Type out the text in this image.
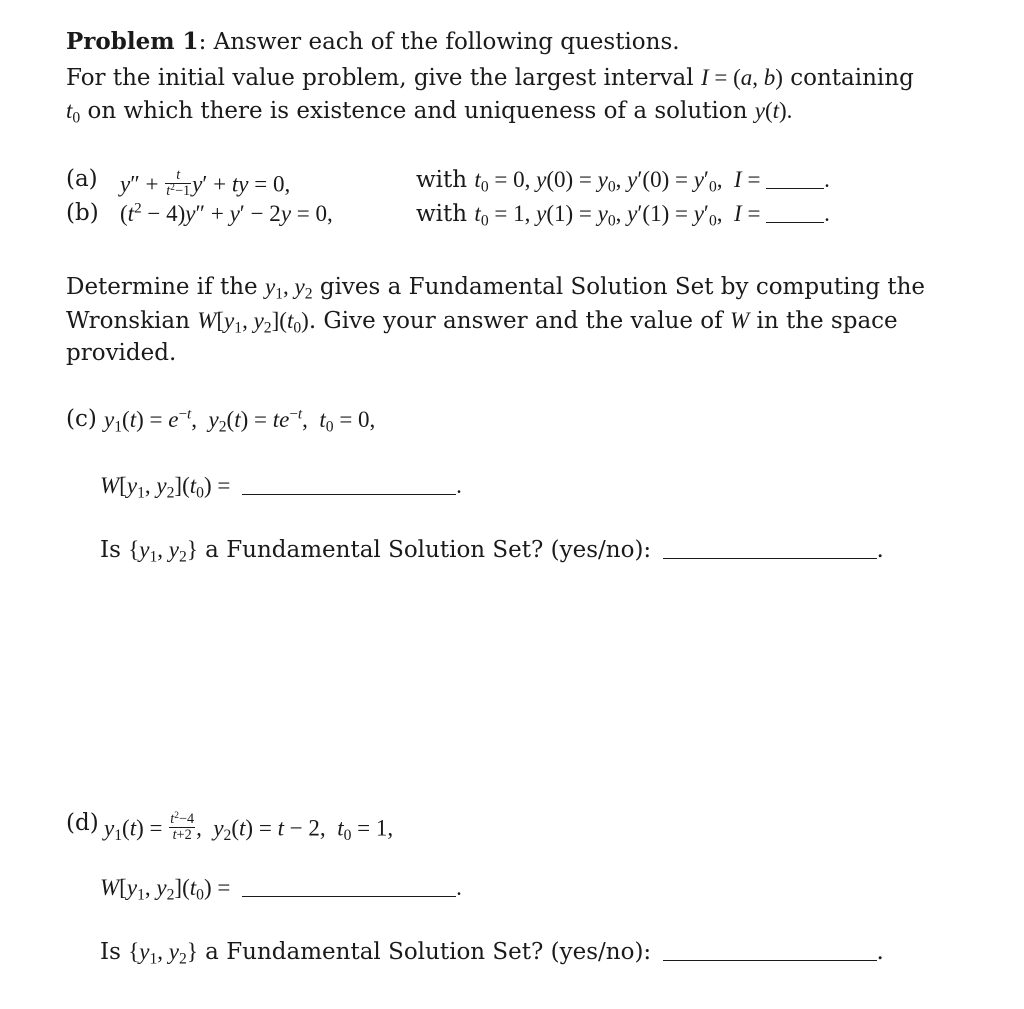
Problem 1: Answer each of the following questions.
For the initial value problem, give the largest interval I = (a, b) containing
$t_0$ on which there is existence and uniqueness of a solution y(t).
(a) $y'' + \frac{t}{t^2-1} y'$ + ty = 0,	with $t_0 = 0$, $y(0) = y_0$, $y'(0) = y'_0$,  I =	.
(b) $(t^2 - 4)y'' + y' - 2y = 0$,	with $t_0 = 1$, $y(1) = y_0$, $y'(1) = y'_0$,  I =	.
Determine if the $y_1$, $y_2$ gives a Fundamental Solution Set by computing the
Wronskian $W[y_1$, $y_2](t_0)$. Give your answer and the value of W in the space
provided.
(c) $y_1(t) = e^{-t}$,  $y_2(t) = te^{-t}$,  $t_0 = 0$,
$W[y_1$, $y_2](t_0)$ =	.
Is {$y_1$, $y_2$} a Fundamental Solution Set? (yes/no):	.
(d) $y_1(t) = \frac{t^2-4}{t+2}$ ,  $y_2(t) = t - 2$,  $t_0 = 1$,
$W[y_1$, $y_2](t_0)$ =	.
Is {$y_1$, $y_2$} a Fundamental Solution Set? (yes/no):	.
